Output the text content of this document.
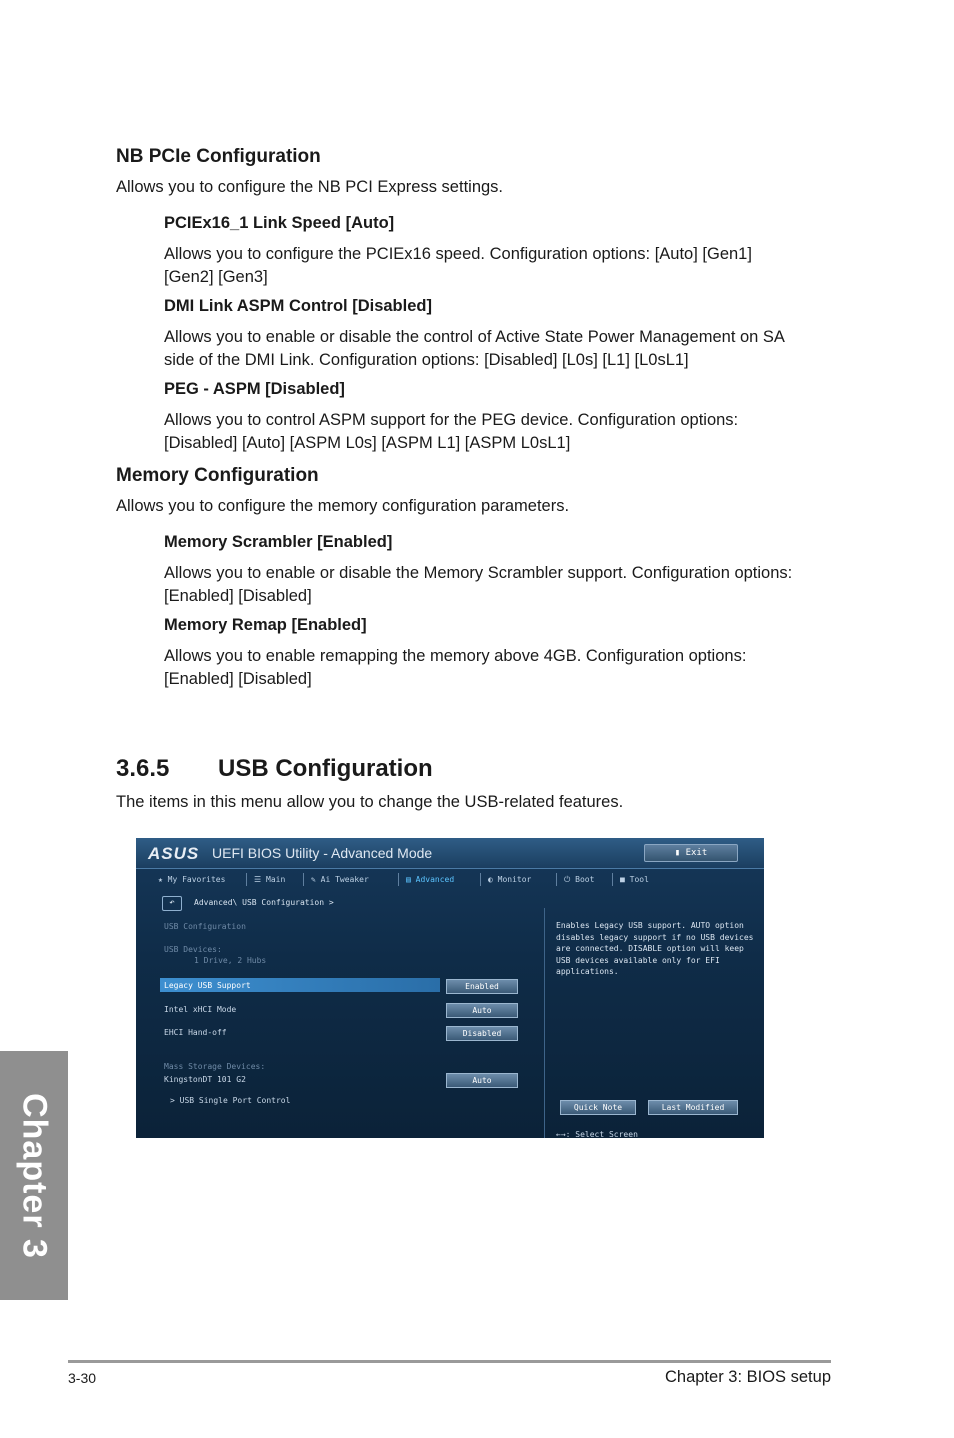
NB PCIe Configuration
Allows you to configure the NB PCI Express settings.
PCIEx16_1 Link Speed [Auto]
Allows you to configure the PCIEx16 speed. Configuration options: [Auto] [Gen1]
[Gen2] [Gen3]
DMI Link ASPM Control [Disabled]
Allows you to enable or disable the control of Active State Power Management on SA
side of the DMI Link. Configuration options: [Disabled] [L0s] [L1] [L0sL1]
PEG - ASPM [Disabled]
Allows you to control ASPM support for the PEG device. Configuration options:
[Disabled] [Auto] [ASPM L0s] [ASPM L1] [ASPM L0sL1]
Memory Configuration
Allows you to configure the memory configuration parameters.
Memory Scrambler [Enabled]
Allows you to enable or disable the Memory Scrambler support. Configuration options:
[Enabled] [Disabled]
Memory Remap [Enabled]
Allows you to enable remapping the memory above 4GB. Configuration options:
[Enabled] [Disabled]
3.6.5 USB Configuration
The items in this menu allow you to change the USB-related features.
ASUS UEFI BIOS Utility - Advanced Mode	▮ Exit
★ My Favorites	☰ Main	✎ Ai Tweaker	▤ Advanced	◐ Monitor	⏻ Boot	■ Tool
↶	Advanced\ USB Configuration >
USB Configuration
USB Devices:
1 Drive, 2 Hubs
Legacy USB Support	Enabled
Intel xHCI Mode	Auto
EHCI Hand-off	Disabled
Mass Storage Devices:
KingstonDT 101 G2	Auto
> USB Single Port Control
Enables Legacy USB support. AUTO option disables legacy support if no USB devices are connected. DISABLE option will keep USB devices available only for EFI applications.
Quick Note	Last Modified
←→: Select Screen
Chapter 3
3-30	Chapter 3: BIOS setup
